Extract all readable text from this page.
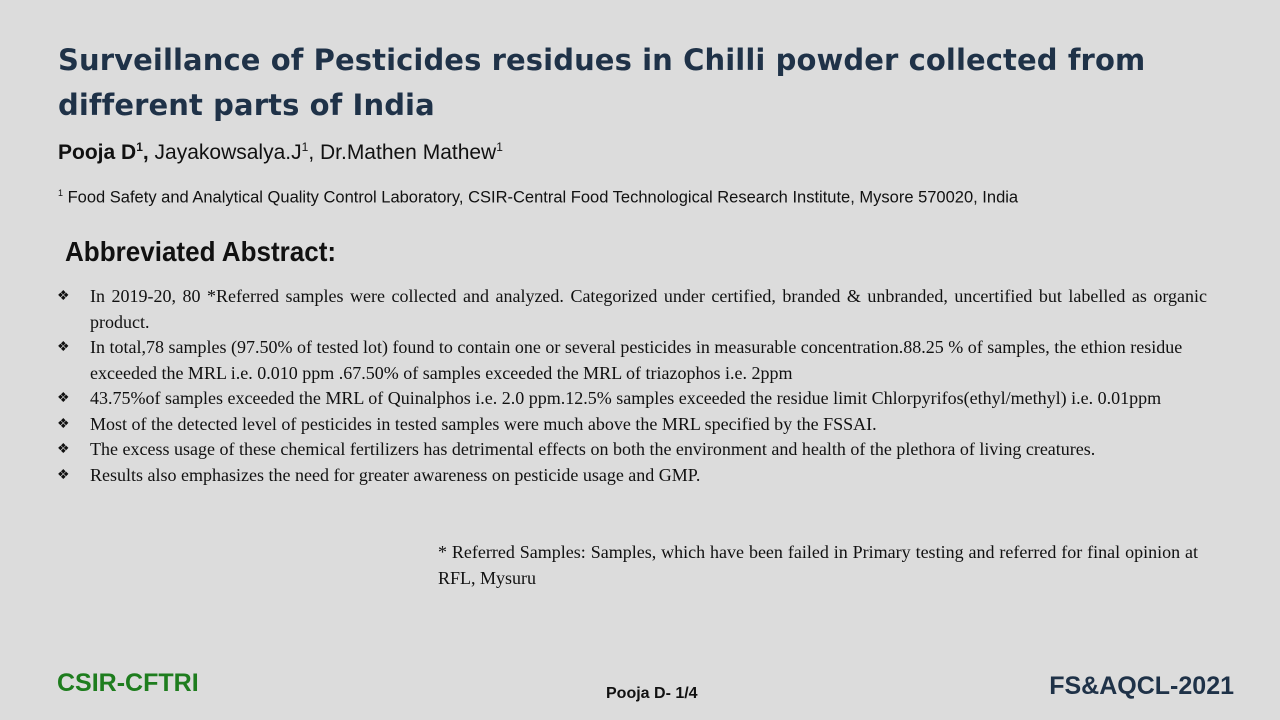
Surveillance of Pesticides residues in Chilli powder collected from different parts of India
Pooja $D^1$, $Jayakowsalya.J^1$, Dr.Mathen Mathew$^1$
$^1$ Food Safety and Analytical Quality Control Laboratory, CSIR-Central Food Technological Research Institute, Mysore 570020, India
Abbreviated Abstract:
❖ In 2019-20, 80 *Referred samples were collected and analyzed. Categorized under certified, branded & unbranded, uncertified but labelled as organic product.
❖ In total,78 samples (97.50% of tested lot) found to contain one or several pesticides in measurable concentration.88.25 % of samples, the ethion residue exceeded the MRL i.e. 0.010 ppm .67.50% of samples exceeded the MRL of triazophos i.e. 2ppm
❖ 43.75%of samples exceeded the MRL of Quinalphos i.e. 2.0 ppm.12.5% samples exceeded the residue limit Chlorpyrifos(ethyl/methyl) i.e. 0.01ppm
❖ Most of the detected level of pesticides in tested samples were much above the MRL specified by the FSSAI.
❖ The excess usage of these chemical fertilizers has detrimental effects on both the environment and health of the plethora of living creatures.
❖ Results also emphasizes the need for greater awareness on pesticide usage and GMP.

* Referred Samples: Samples, which have been failed in Primary testing and referred for final opinion at RFL, Mysuru

CSIR-CFTRI	Pooja D- 1/4	FS&AQCL-2021
